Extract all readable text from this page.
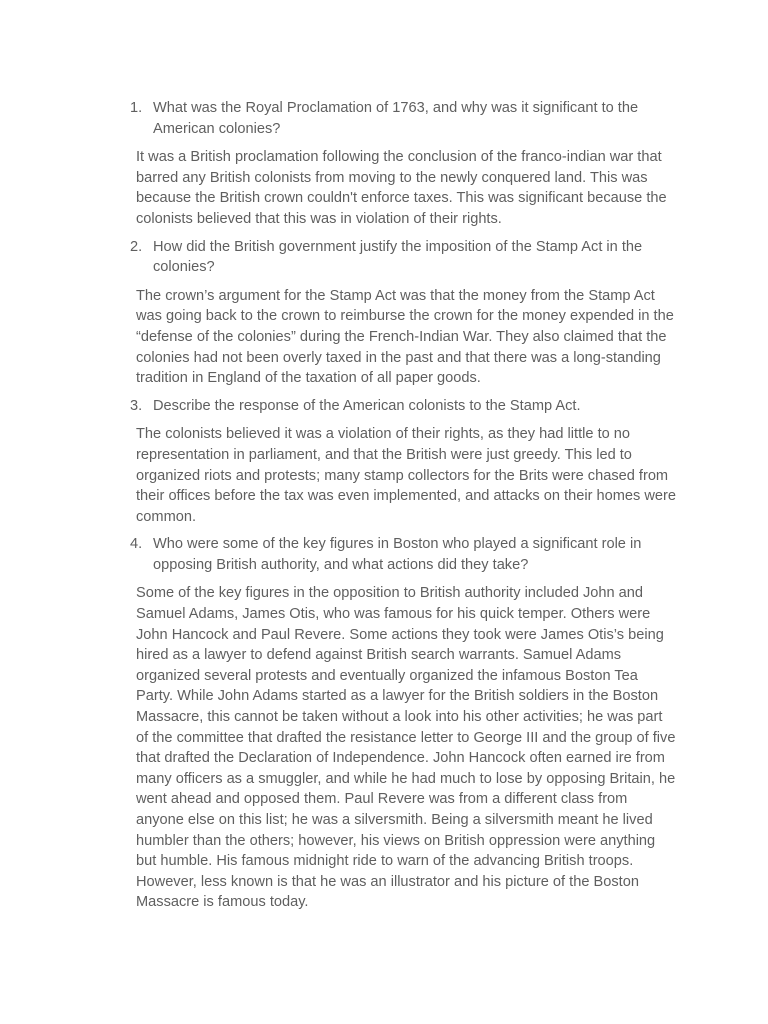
1. What was the Royal Proclamation of 1763, and why was it significant to the American colonies?
It was a British proclamation following the conclusion of the franco-indian war that barred any British colonists from moving to the newly conquered land. This was because the British crown couldn't enforce taxes. This was significant because the colonists believed that this was in violation of their rights.
2. How did the British government justify the imposition of the Stamp Act in the colonies?
The crown’s argument for the Stamp Act was that the money from the Stamp Act was going back to the crown to reimburse the crown for the money expended in the “defense of the colonies” during the French-Indian War. They also claimed that the colonies had not been overly taxed in the past and that there was a long-standing tradition in England of the taxation of all paper goods.
3. Describe the response of the American colonists to the Stamp Act.
The colonists believed it was a violation of their rights, as they had little to no representation in parliament, and that the British were just greedy. This led to organized riots and protests; many stamp collectors for the Brits were chased from their offices before the tax was even implemented, and attacks on their homes were common.
4. Who were some of the key figures in Boston who played a significant role in opposing British authority, and what actions did they take?
Some of the key figures in the opposition to British authority included John and Samuel Adams, James Otis, who was famous for his quick temper. Others were John Hancock and Paul Revere. Some actions they took were James Otis’s being hired as a lawyer to defend against British search warrants. Samuel Adams organized several protests and eventually organized the infamous Boston Tea Party. While John Adams started as a lawyer for the British soldiers in the Boston Massacre, this cannot be taken without a look into his other activities; he was part of the committee that drafted the resistance letter to George III and the group of five that drafted the Declaration of Independence. John Hancock often earned ire from many officers as a smuggler, and while he had much to lose by opposing Britain, he went ahead and opposed them. Paul Revere was from a different class from anyone else on this list; he was a silversmith. Being a silversmith meant he lived humbler than the others; however, his views on British oppression were anything but humble. His famous midnight ride to warn of the advancing British troops. However, less known is that he was an illustrator and his picture of the Boston Massacre is famous today.
